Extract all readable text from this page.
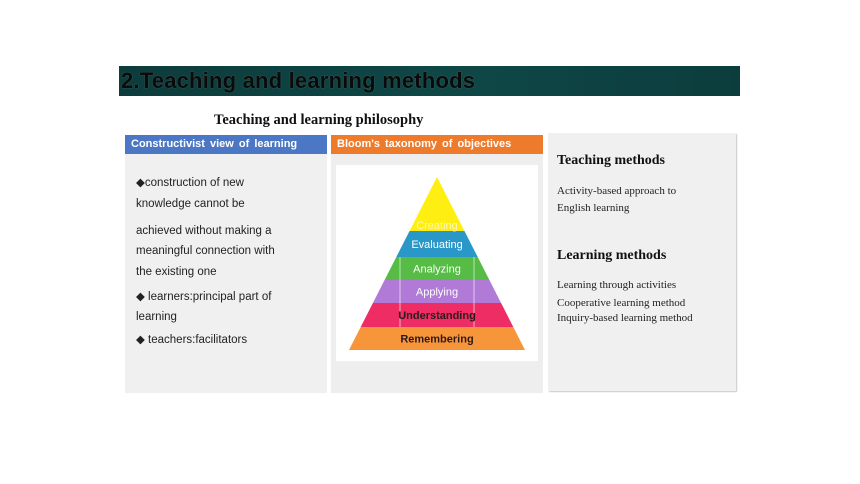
2.Teaching and learning methods
Teaching and learning philosophy
Constructivist view of learning	Bloom's taxonomy of objectives
◆construction of new
knowledge cannot be
achieved without making a
meaningful connection with
the existing one
◆ learners:principal part of
learning
◆ teachers:facilitators
Creating
Evaluating
Analyzing
Applying
Understanding
Remembering
Teaching methods
Activity-based approach to
English learning
Learning methods
Learning through activities
Cooperative learning method
Inquiry-based learning method
